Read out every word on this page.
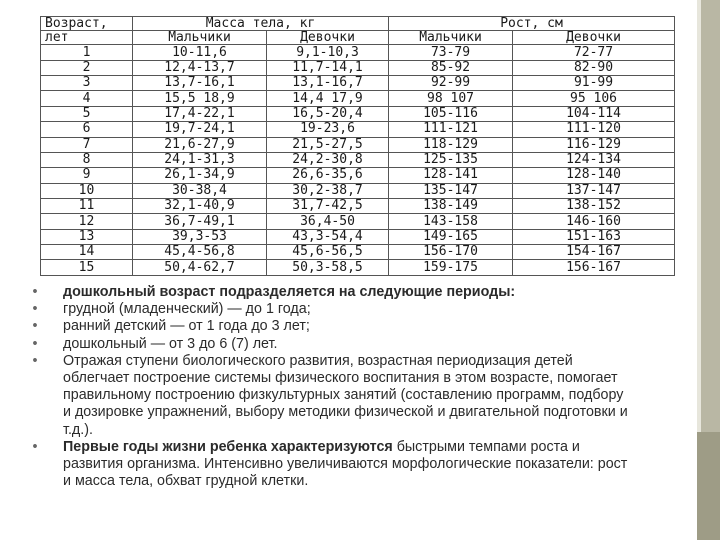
Возраст,	Масса тела, кг		Рост, см	
лет	Мальчики	Девочки	Мальчики	Девочки
1	10-11,6	9,1-10,3	73-79	72-77
2	12,4-13,7	11,7-14,1	85-92	82-90
3	13,7-16,1	13,1-16,7	92-99	91-99
4	15,5 18,9	14,4 17,9	98 107	95 106
5	17,4-22,1	16,5-20,4	105-116	104-114
6	19,7-24,1	19-23,6	111-121	111-120
7	21,6-27,9	21,5-27,5	118-129	116-129
8	24,1-31,3	24,2-30,8	125-135	124-134
9	26,1-34,9	26,6-35,6	128-141	128-140
10	30-38,4	30,2-38,7	135-147	137-147
11	32,1-40,9	31,7-42,5	138-149	138-152
12	36,7-49,1	36,4-50	143-158	146-160
13	39,3-53	43,3-54,4	149-165	151-163
14	45,4-56,8	45,6-56,5	156-170	154-167
15	50,4-62,7	50,3-58,5	159-175	156-167
• дошкольный возраст подразделяется на следующие периоды:
• грудной (младенческий) — до 1 года;
• ранний детский — от 1 года до 3 лет;
• дошкольный — от 3 до 6 (7) лет.
• Отражая ступени биологического развития, возрастная периодизация детей облегчает построение системы физического воспитания в этом возрасте, помогает правильному построению физкультурных занятий (составлению программ, подбору и дозировке упражнений, выбору методики физической и двигательной подготовки и т.д.).
• Первые годы жизни ребенка характеризуются быстрыми темпами роста и развития организма. Интенсивно увеличиваются морфологические показатели: рост и масса тела, обхват грудной клетки.
